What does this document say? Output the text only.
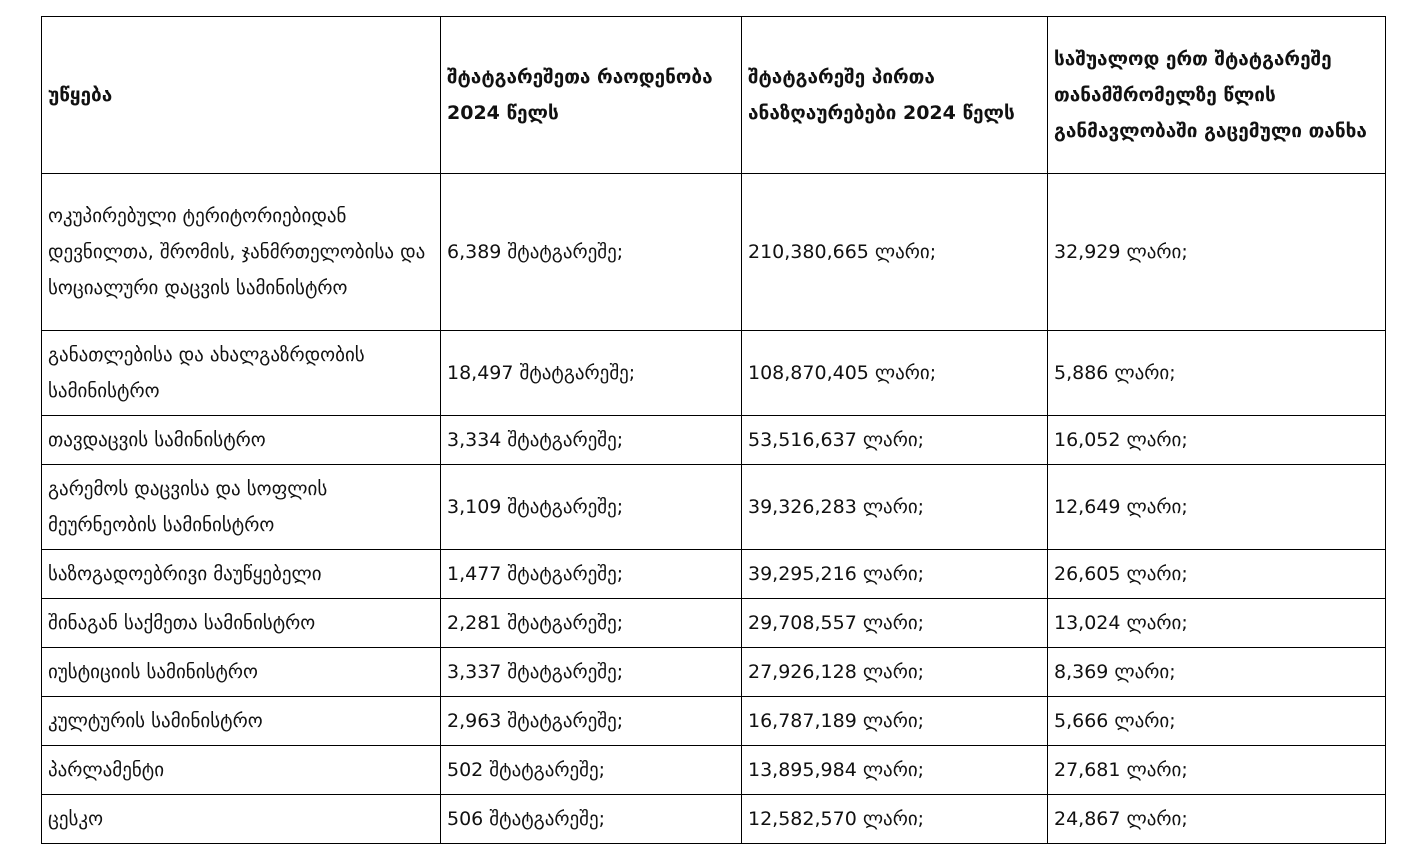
უწყება	შტატგარეშეთა რაოდენობა 2024 წელს	შტატგარეშე პირთა ანაზღაურებები 2024 წელს	საშუალოდ ერთ შტატგარეშე თანამშრომელზე წლის განმავლობაში გაცემული თანხა
ოკუპირებული ტერიტორიებიდან დევნილთა, შრომის, ჯანმრთელობისა და სოციალური დაცვის სამინისტრო	6,389 შტატგარეშე;	210,380,665 ლარი;	32,929 ლარი;
განათლებისა და ახალგაზრდობის სამინისტრო	18,497 შტატგარეშე;	108,870,405 ლარი;	5,886 ლარი;
თავდაცვის სამინისტრო	3,334 შტატგარეშე;	53,516,637 ლარი;	16,052 ლარი;
გარემოს დაცვისა და სოფლის მეურნეობის სამინისტრო	3,109 შტატგარეშე;	39,326,283 ლარი;	12,649 ლარი;
საზოგადოებრივი მაუწყებელი	1,477 შტატგარეშე;	39,295,216 ლარი;	26,605 ლარი;
შინაგან საქმეთა სამინისტრო	2,281 შტატგარეშე;	29,708,557 ლარი;	13,024 ლარი;
იუსტიციის სამინისტრო	3,337 შტატგარეშე;	27,926,128 ლარი;	8,369 ლარი;
კულტურის სამინისტრო	2,963 შტატგარეშე;	16,787,189 ლარი;	5,666 ლარი;
პარლამენტი	502 შტატგარეშე;	13,895,984 ლარი;	27,681 ლარი;
ცესკო	506 შტატგარეშე;	12,582,570 ლარი;	24,867 ლარი;
